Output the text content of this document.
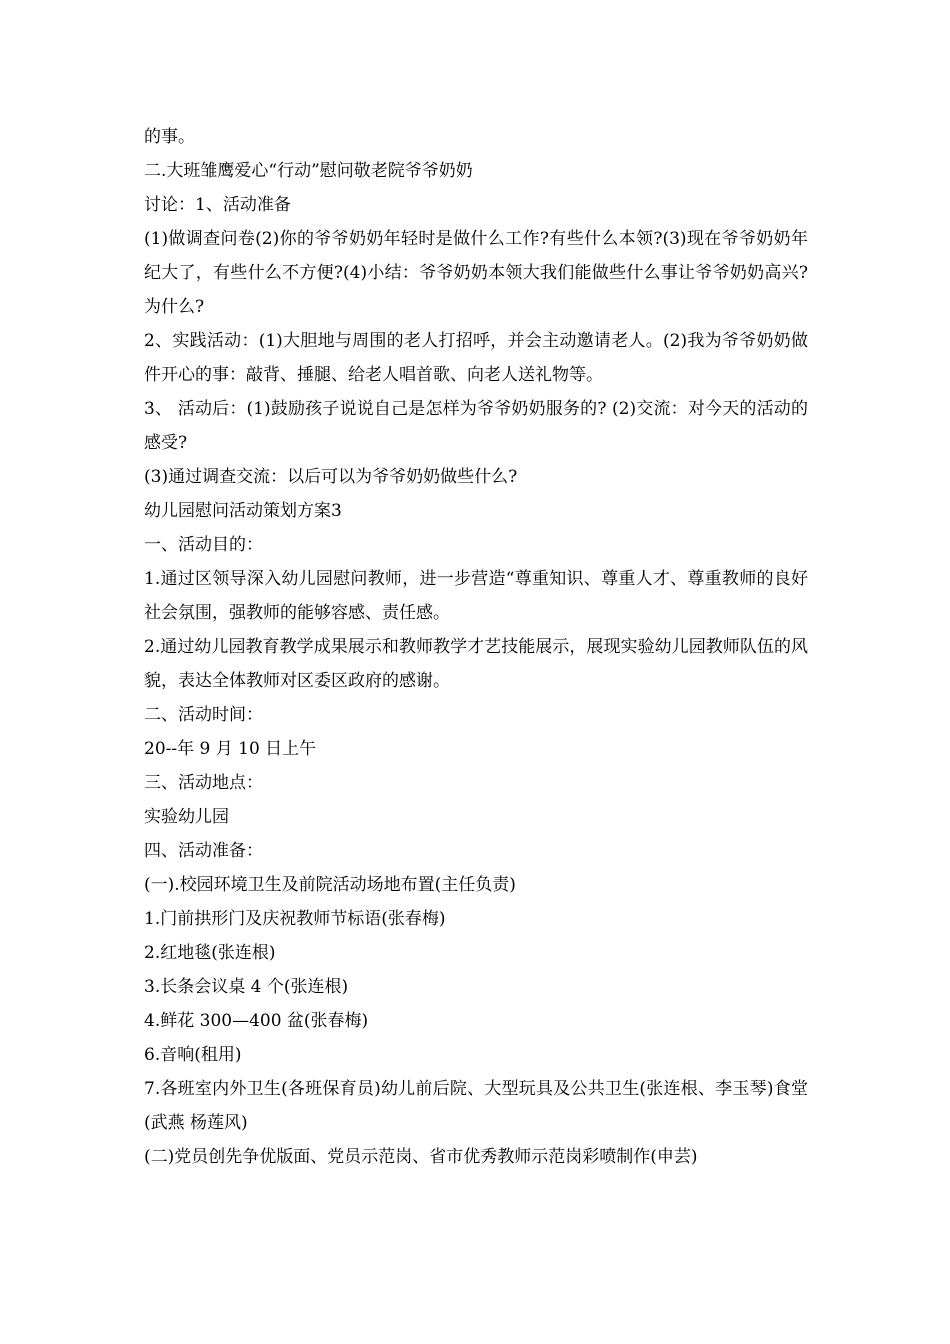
的事。

二.大班雏鹰爱心“行动”慰问敬老院爷爷奶奶

讨论：1、活动准备

(1)做调查问卷(2)你的爷爷奶奶年轻时是做什么工作?有些什么本领?(3)现在爷爷奶奶年纪大了，有些什么不方便?(4)小结：爷爷奶奶本领大我们能做些什么事让爷爷奶奶高兴?为什么?

2、实践活动：(1)大胆地与周围的老人打招呼，并会主动邀请老人。(2)我为爷爷奶奶做件开心的事：敲背、捶腿、给老人唱首歌、向老人送礼物等。

3、 活动后：(1)鼓励孩子说说自己是怎样为爷爷奶奶服务的? (2)交流：对今天的活动的感受?

(3)通过调查交流：以后可以为爷爷奶奶做些什么?

幼儿园慰问活动策划方案3

一、活动目的：

1.通过区领导深入幼儿园慰问教师，进一步营造“尊重知识、尊重人才、尊重教师的良好社会氛围，强教师的能够容感、责任感。

2.通过幼儿园教育教学成果展示和教师教学才艺技能展示，展现实验幼儿园教师队伍的风貌，表达全体教师对区委区政府的感谢。

二、活动时间：

20--年 9 月 10 日上午

三、活动地点：

实验幼儿园

四、活动准备：

(一).校园环境卫生及前院活动场地布置(主任负责)

1.门前拱形门及庆祝教师节标语(张春梅)

2.红地毯(张连根)

3.长条会议桌 4 个(张连根)

4.鲜花 300—400 盆(张春梅)

6.音响(租用)

7.各班室内外卫生(各班保育员)幼儿前后院、大型玩具及公共卫生(张连根、李玉琴)食堂(武燕 杨莲风)

(二)党员创先争优版面、党员示范岗、省市优秀教师示范岗彩喷制作(申芸)
